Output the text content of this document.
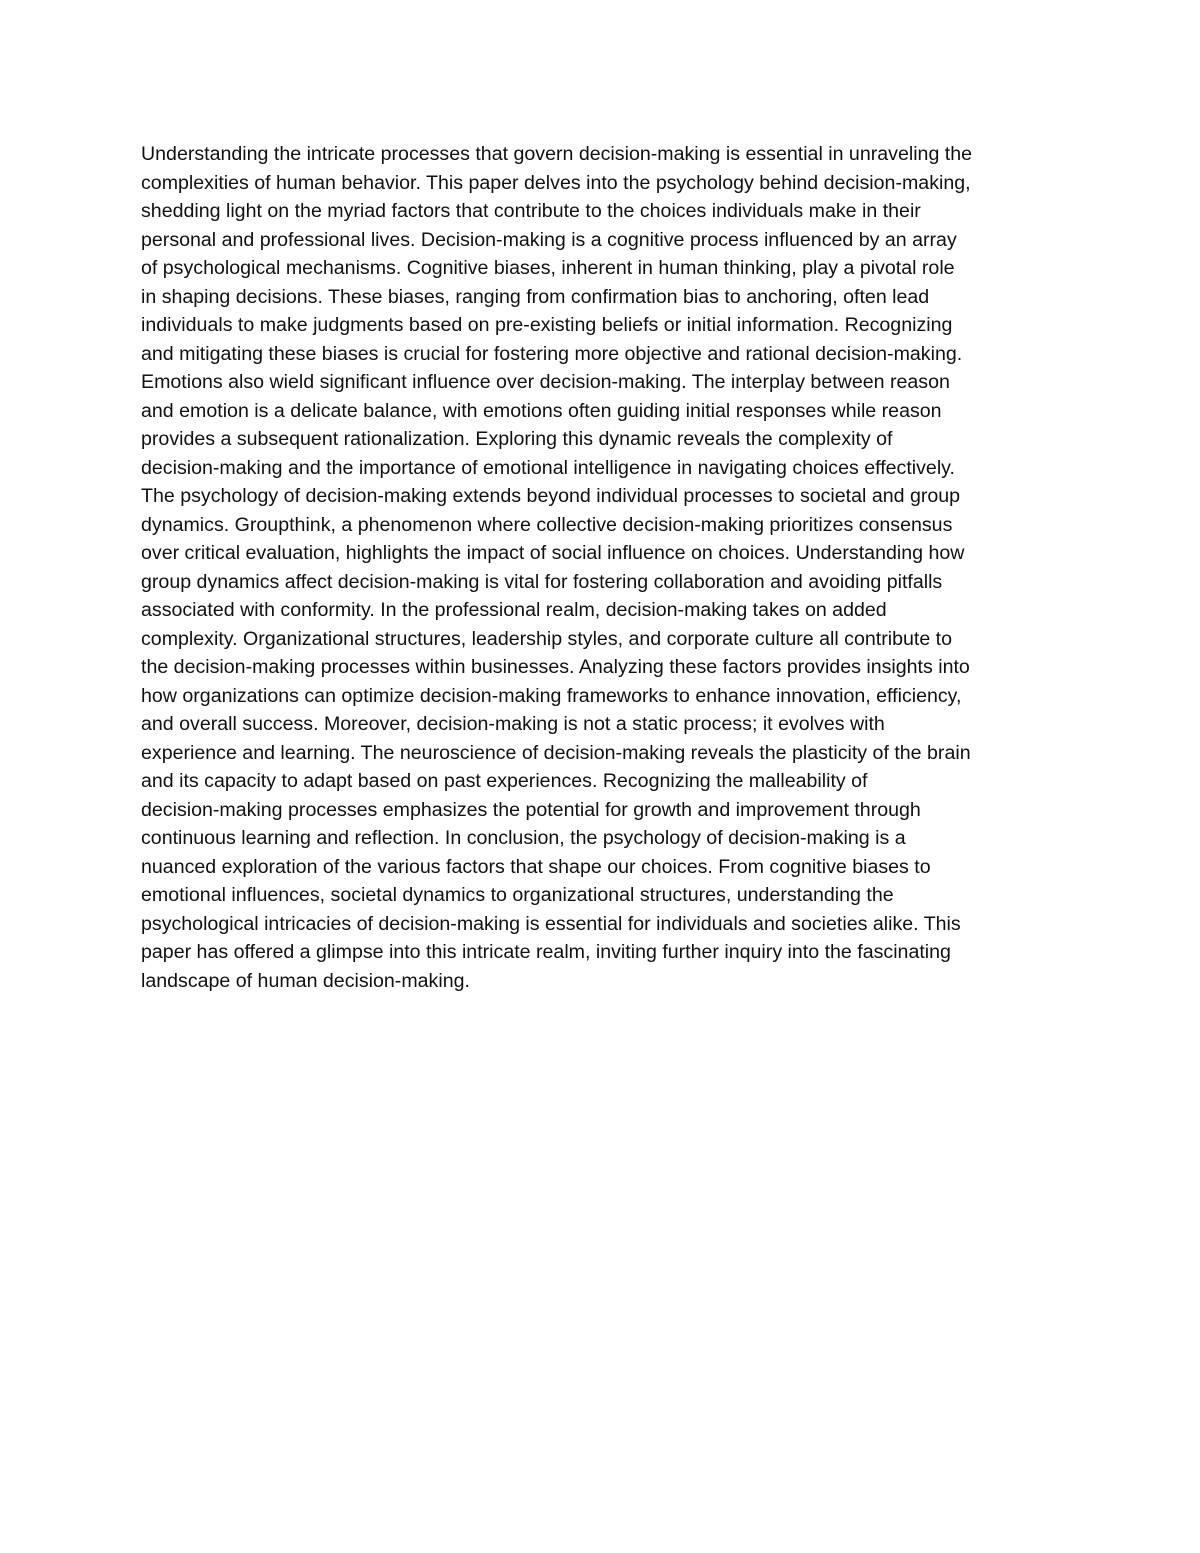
Understanding the intricate processes that govern decision-making is essential in unraveling the
complexities of human behavior. This paper delves into the psychology behind decision-making,
shedding light on the myriad factors that contribute to the choices individuals make in their
personal and professional lives. Decision-making is a cognitive process influenced by an array
of psychological mechanisms. Cognitive biases, inherent in human thinking, play a pivotal role
in shaping decisions. These biases, ranging from confirmation bias to anchoring, often lead
individuals to make judgments based on pre-existing beliefs or initial information. Recognizing
and mitigating these biases is crucial for fostering more objective and rational decision-making.
Emotions also wield significant influence over decision-making. The interplay between reason
and emotion is a delicate balance, with emotions often guiding initial responses while reason
provides a subsequent rationalization. Exploring this dynamic reveals the complexity of
decision-making and the importance of emotional intelligence in navigating choices effectively.
The psychology of decision-making extends beyond individual processes to societal and group
dynamics. Groupthink, a phenomenon where collective decision-making prioritizes consensus
over critical evaluation, highlights the impact of social influence on choices. Understanding how
group dynamics affect decision-making is vital for fostering collaboration and avoiding pitfalls
associated with conformity. In the professional realm, decision-making takes on added
complexity. Organizational structures, leadership styles, and corporate culture all contribute to
the decision-making processes within businesses. Analyzing these factors provides insights into
how organizations can optimize decision-making frameworks to enhance innovation, efficiency,
and overall success. Moreover, decision-making is not a static process; it evolves with
experience and learning. The neuroscience of decision-making reveals the plasticity of the brain
and its capacity to adapt based on past experiences. Recognizing the malleability of
decision-making processes emphasizes the potential for growth and improvement through
continuous learning and reflection. In conclusion, the psychology of decision-making is a
nuanced exploration of the various factors that shape our choices. From cognitive biases to
emotional influences, societal dynamics to organizational structures, understanding the
psychological intricacies of decision-making is essential for individuals and societies alike. This
paper has offered a glimpse into this intricate realm, inviting further inquiry into the fascinating
landscape of human decision-making.
